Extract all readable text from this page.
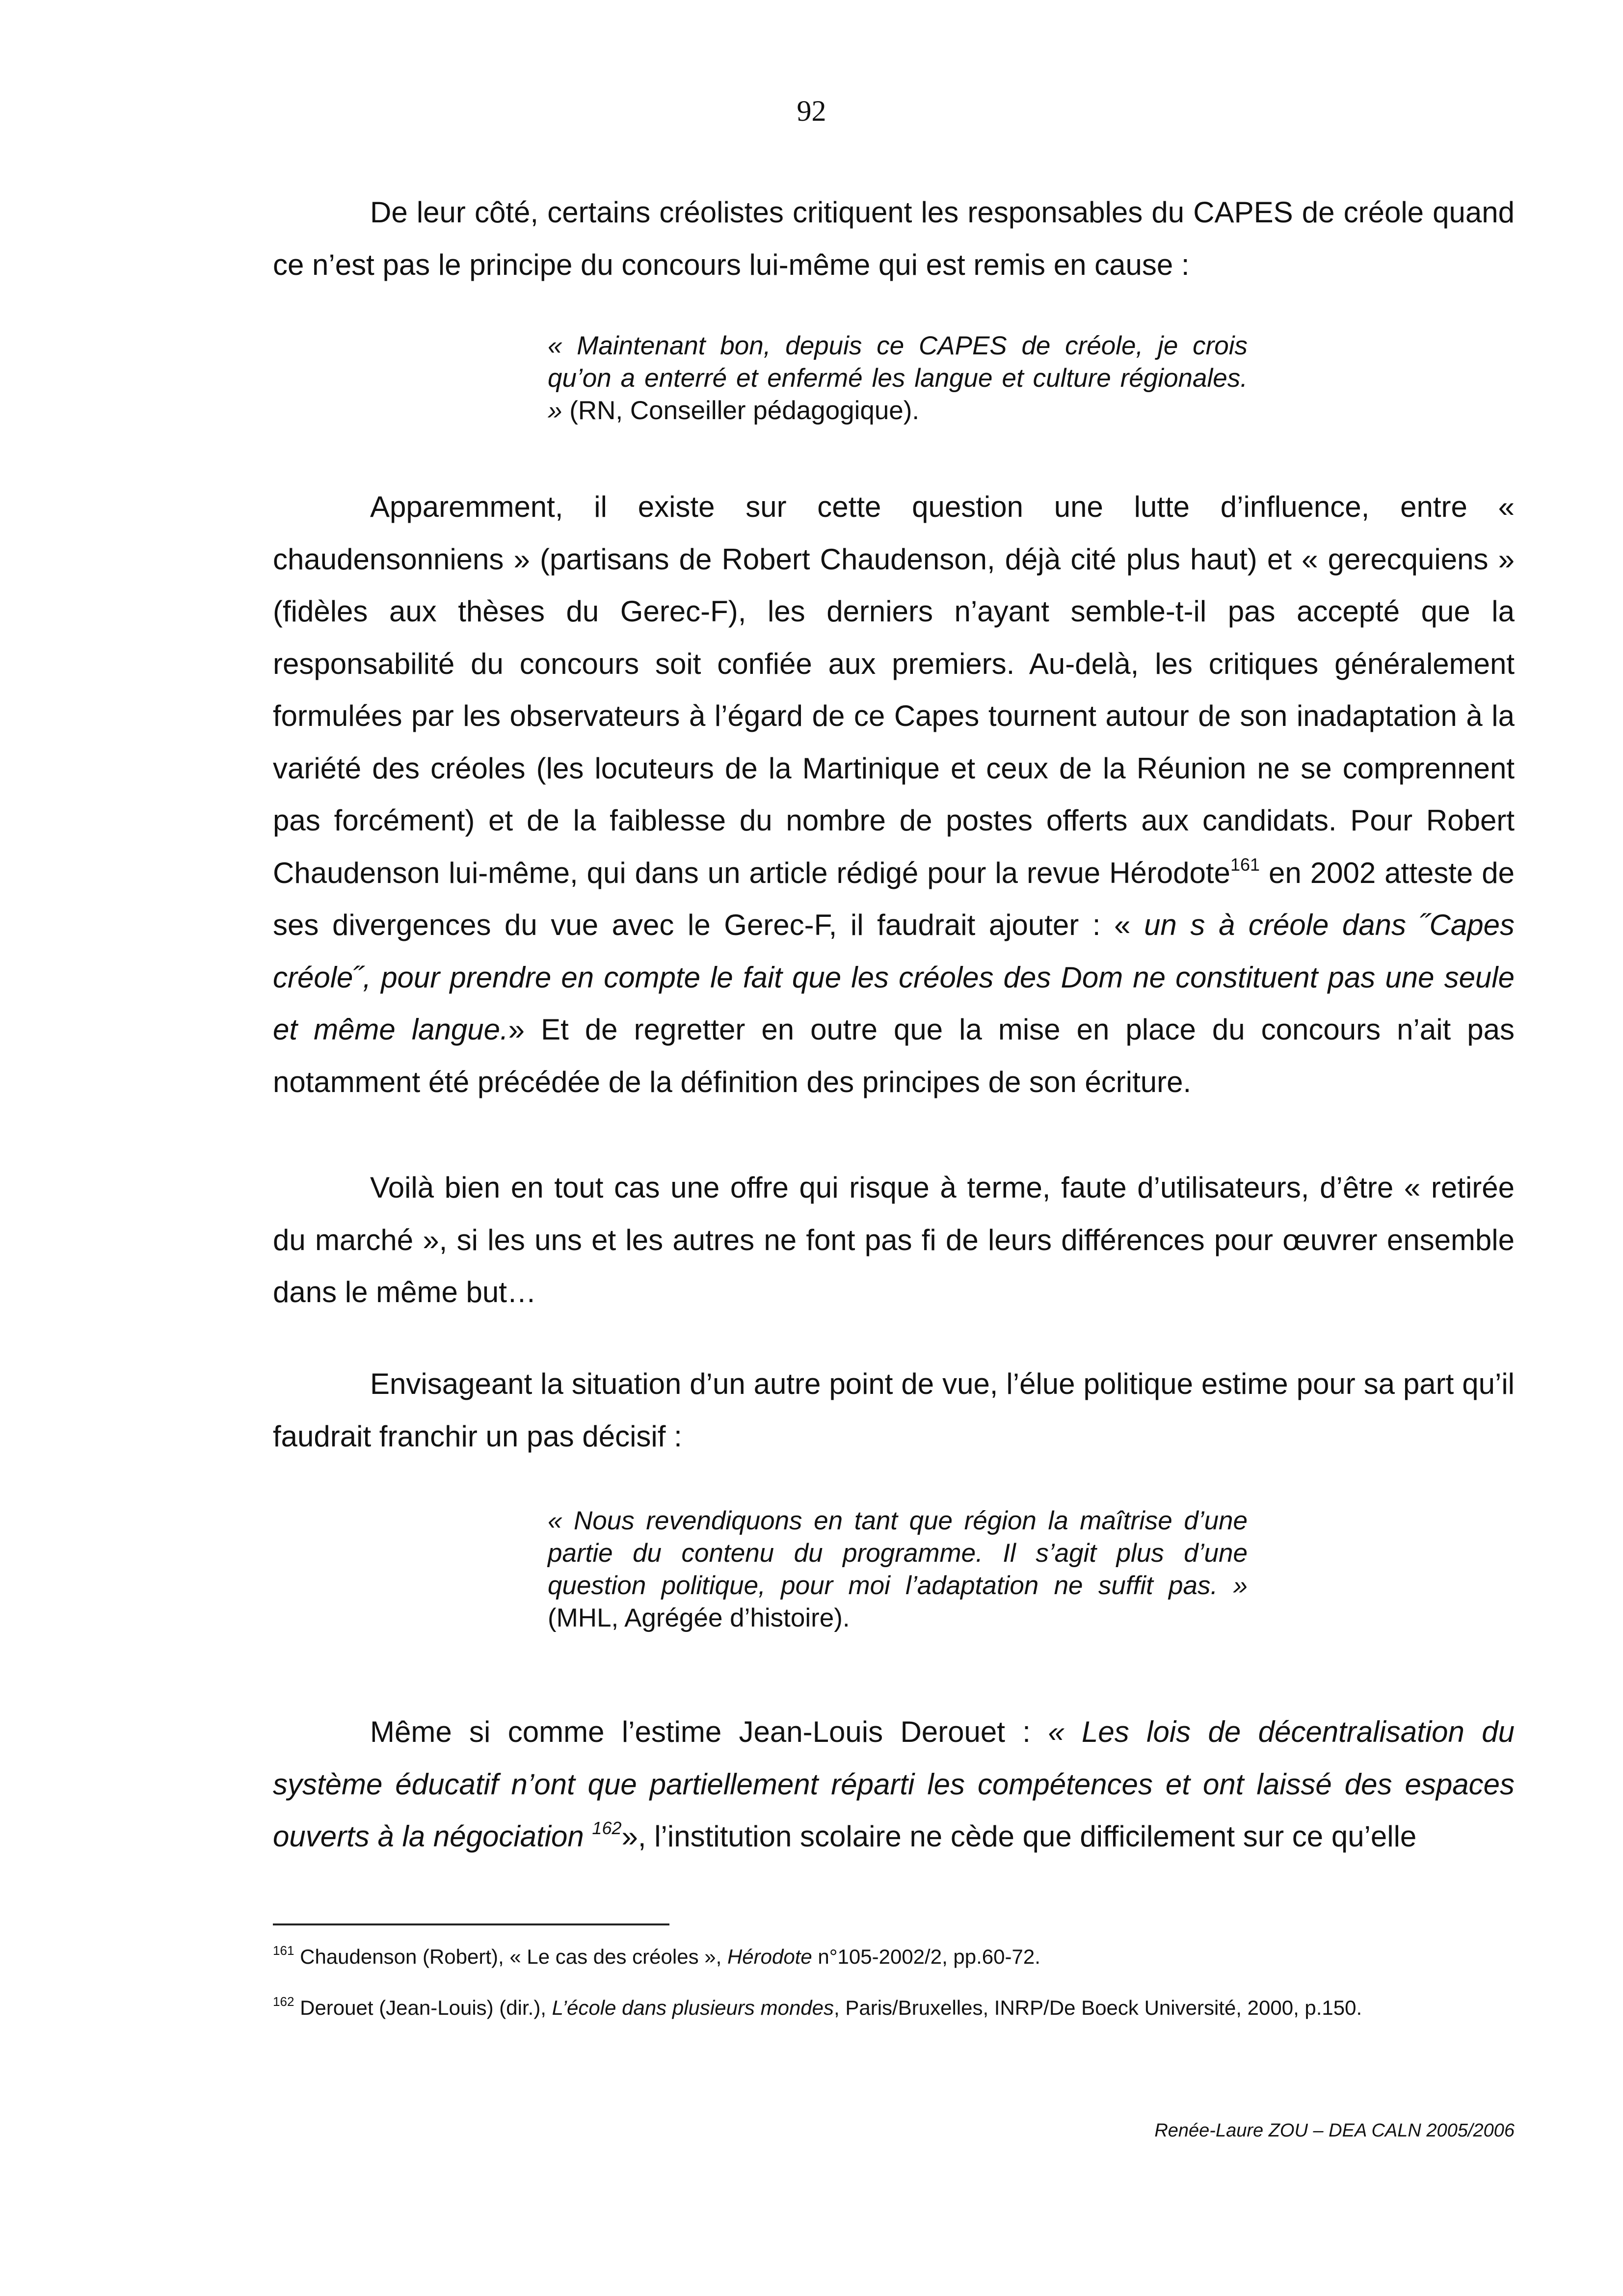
92

De leur côté, certains créolistes critiquent les responsables du CAPES de créole quand ce n’est pas le principe du concours lui-même qui est remis en cause :

« Maintenant bon, depuis ce CAPES de créole, je crois qu’on a enterré et enfermé les langue et culture régionales. » (RN, Conseiller pédagogique).

Apparemment, il existe sur cette question une lutte d’influence, entre « chaudensonniens » (partisans de Robert Chaudenson, déjà cité plus haut) et « gerecquiens » (fidèles aux thèses du Gerec-F), les derniers n’ayant semble-t-il pas accepté que la responsabilité du concours soit confiée aux premiers. Au-delà, les critiques généralement formulées par les observateurs à l’égard de ce Capes tournent autour de son inadaptation à la variété des créoles (les locuteurs de la Martinique et ceux de la Réunion ne se comprennent pas forcément) et de la faiblesse du nombre de postes offerts aux candidats. Pour Robert Chaudenson lui-même, qui dans un article rédigé pour la revue Hérodote$^{161}$ en 2002 atteste de ses divergences du vue avec le Gerec-F, il faudrait ajouter : « un s à créole dans ˝Capes créole˝, pour prendre en compte le fait que les créoles des Dom ne constituent pas une seule et même langue.» Et de regretter en outre que la mise en place du concours n’ait pas notamment été précédée de la définition des principes de son écriture.

Voilà bien en tout cas une offre qui risque à terme, faute d’utilisateurs, d’être « retirée du marché », si les uns et les autres ne font pas fi de leurs différences pour œuvrer ensemble dans le même but…

Envisageant la situation d’un autre point de vue, l’élue politique estime pour sa part qu’il faudrait franchir un pas décisif :

« Nous revendiquons en tant que région la maîtrise d’une partie du contenu du programme. Il s’agit plus d’une question politique, pour moi l’adaptation ne suffit pas. » (MHL, Agrégée d’histoire).

Même si comme l’estime Jean-Louis Derouet : « Les lois de décentralisation du système éducatif n’ont que partiellement réparti les compétences et ont laissé des espaces ouverts à la négociation $^{162}$», l’institution scolaire ne cède que difficilement sur ce qu’elle

$^{161}$ Chaudenson (Robert), « Le cas des créoles », Hérodote n°105-2002/2, pp.60-72.

$^{162}$ Derouet (Jean-Louis) (dir.), L’école dans plusieurs mondes, Paris/Bruxelles, INRP/De Boeck Université, 2000, p.150.

Renée-Laure ZOU – DEA CALN 2005/2006
